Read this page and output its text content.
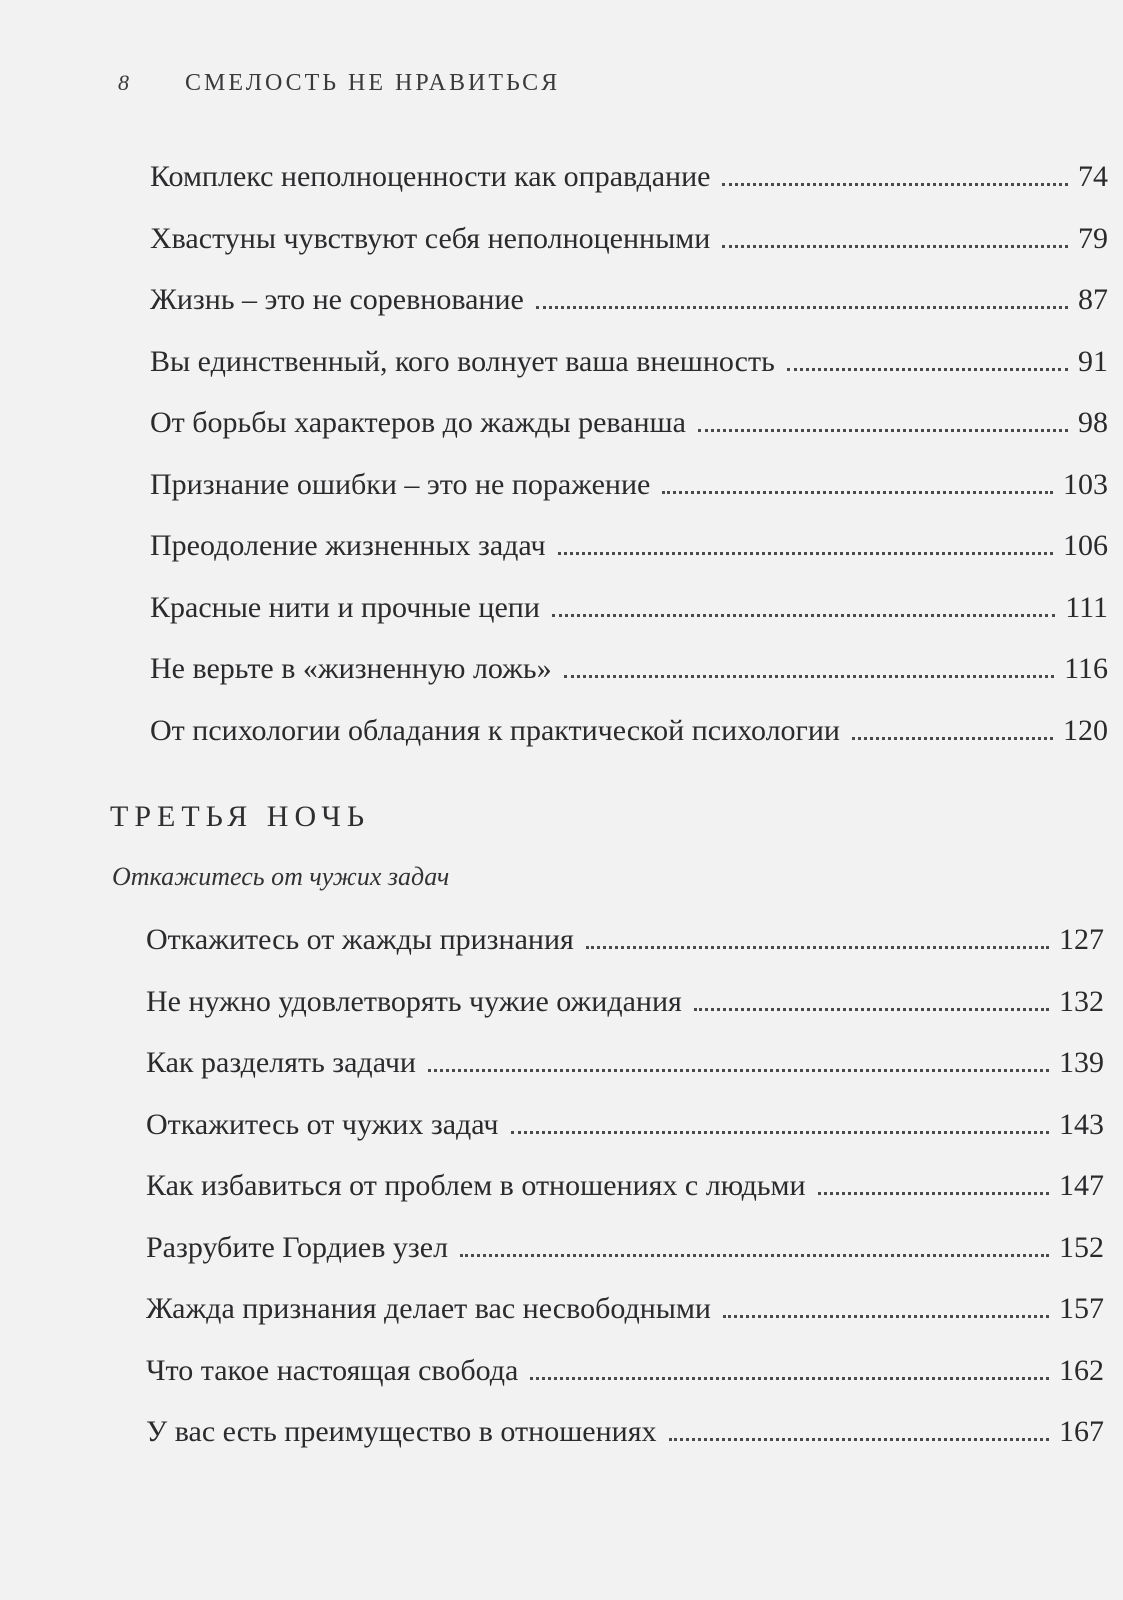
8 СМЕЛОСТЬ НЕ НРАВИТЬСЯ
Комплекс неполноценности как оправдание	74
Хвастуны чувствуют себя неполноценными	79
Жизнь – это не соревнование	87
Вы единственный, кого волнует ваша внешность	91
От борьбы характеров до жажды реванша	98
Признание ошибки – это не поражение	103
Преодоление жизненных задач	106
Красные нити и прочные цепи	111
Не верьте в «жизненную ложь»	116
От психологии обладания к практической психологии	120
ТРЕТЬЯ НОЧЬ
Откажитесь от чужих задач
Откажитесь от жажды признания	127
Не нужно удовлетворять чужие ожидания	132
Как разделять задачи	139
Откажитесь от чужих задач	143
Как избавиться от проблем в отношениях с людьми	147
Разрубите Гордиев узел	152
Жажда признания делает вас несвободными	157
Что такое настоящая свобода	162
У вас есть преимущество в отношениях	167
